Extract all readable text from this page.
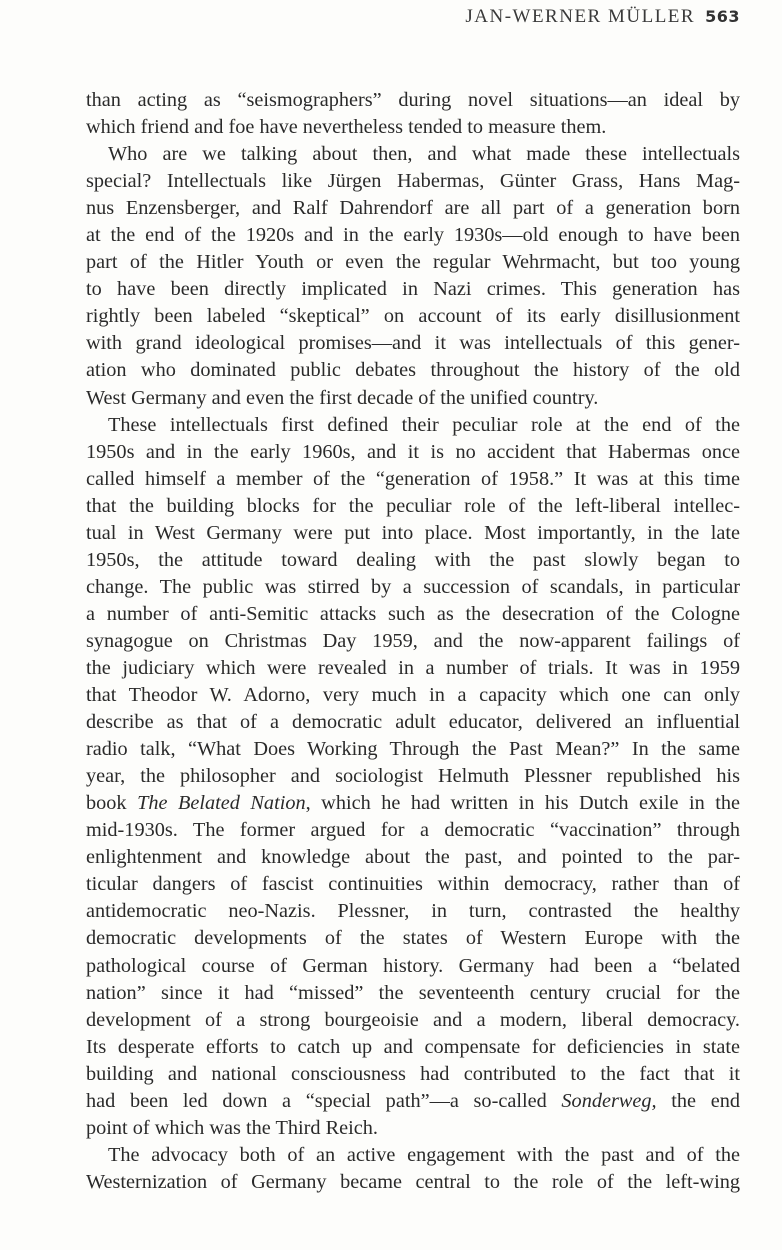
JAN-WERNER MÜLLER 563
than acting as “seismographers” during novel situations—an ideal by
which friend and foe have nevertheless tended to measure them.
Who are we talking about then, and what made these intellectuals
special? Intellectuals like Jürgen Habermas, Günter Grass, Hans Mag-
nus Enzensberger, and Ralf Dahrendorf are all part of a generation born
at the end of the 1920s and in the early 1930s—old enough to have been
part of the Hitler Youth or even the regular Wehrmacht, but too young
to have been directly implicated in Nazi crimes. This generation has
rightly been labeled “skeptical” on account of its early disillusionment
with grand ideological promises—and it was intellectuals of this gener-
ation who dominated public debates throughout the history of the old
West Germany and even the first decade of the unified country.
These intellectuals first defined their peculiar role at the end of the
1950s and in the early 1960s, and it is no accident that Habermas once
called himself a member of the “generation of 1958.” It was at this time
that the building blocks for the peculiar role of the left-liberal intellec-
tual in West Germany were put into place. Most importantly, in the late
1950s, the attitude toward dealing with the past slowly began to
change. The public was stirred by a succession of scandals, in particular
a number of anti-Semitic attacks such as the desecration of the Cologne
synagogue on Christmas Day 1959, and the now-apparent failings of
the judiciary which were revealed in a number of trials. It was in 1959
that Theodor W. Adorno, very much in a capacity which one can only
describe as that of a democratic adult educator, delivered an influential
radio talk, “What Does Working Through the Past Mean?” In the same
year, the philosopher and sociologist Helmuth Plessner republished his
book The Belated Nation, which he had written in his Dutch exile in the
mid-1930s. The former argued for a democratic “vaccination” through
enlightenment and knowledge about the past, and pointed to the par-
ticular dangers of fascist continuities within democracy, rather than of
antidemocratic neo-Nazis. Plessner, in turn, contrasted the healthy
democratic developments of the states of Western Europe with the
pathological course of German history. Germany had been a “belated
nation” since it had “missed” the seventeenth century crucial for the
development of a strong bourgeoisie and a modern, liberal democracy.
Its desperate efforts to catch up and compensate for deficiencies in state
building and national consciousness had contributed to the fact that it
had been led down a “special path”—a so-called Sonderweg, the end
point of which was the Third Reich.
The advocacy both of an active engagement with the past and of the
Westernization of Germany became central to the role of the left-wing
